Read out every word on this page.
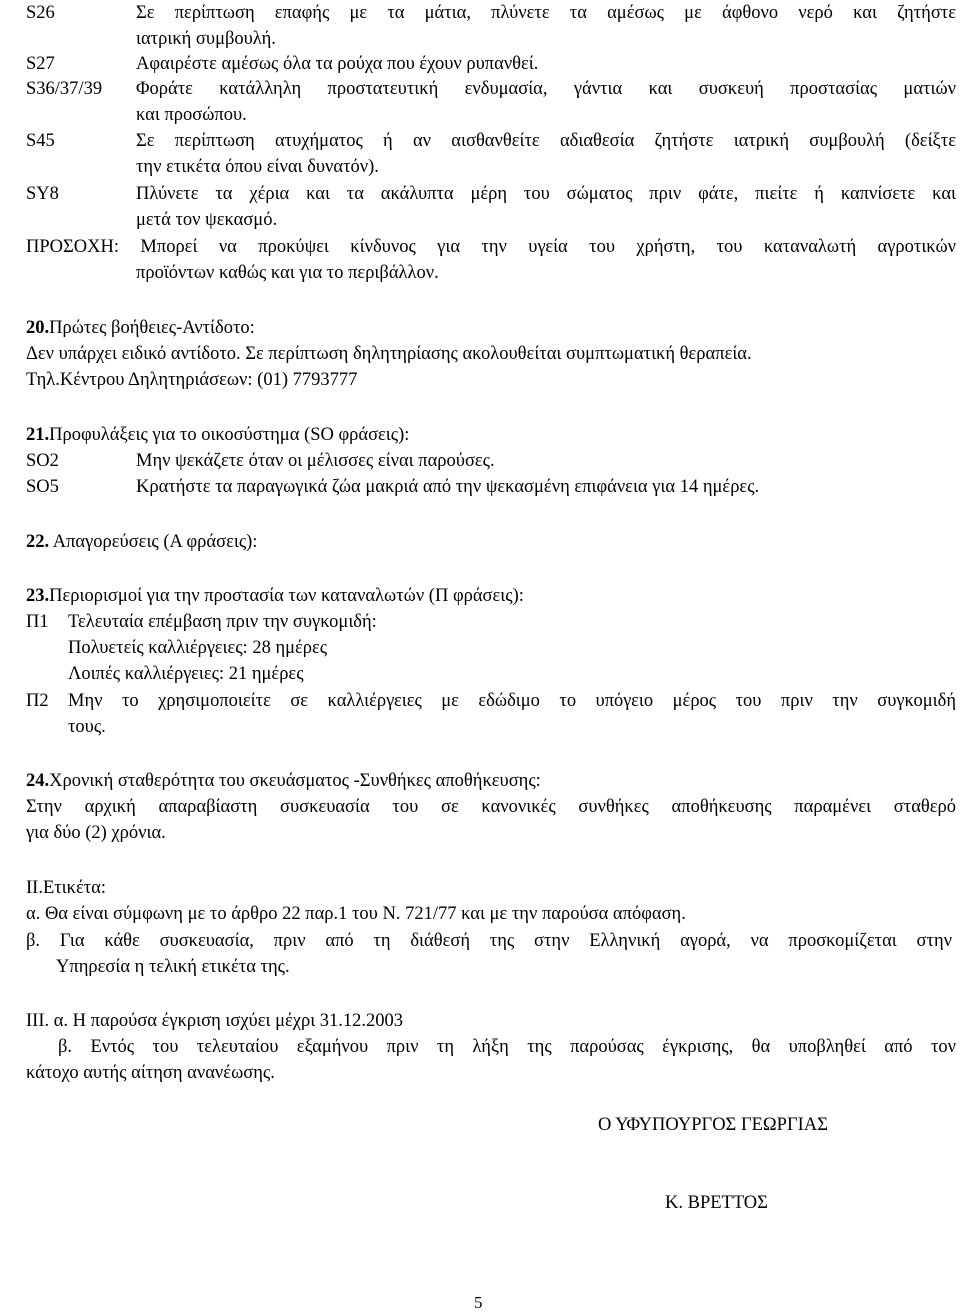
S26	Σε περίπτωση επαφής με τα μάτια, πλύνετε τα αμέσως με άφθονο νερό και ζητήστε
ιατρική συμβουλή.
S27	Αφαιρέστε αμέσως όλα τα ρούχα που έχουν ρυπανθεί.
S36/37/39	Φοράτε κατάλληλη προστατευτική ενδυμασία, γάντια και συσκευή προστασίας ματιών
και προσώπου.
S45	Σε περίπτωση ατυχήματος ή αν αισθανθείτε αδιαθεσία ζητήστε ιατρική συμβουλή (δείξτε
την ετικέτα όπου είναι δυνατόν).
SY8	Πλύνετε τα χέρια και τα ακάλυπτα μέρη του σώματος πριν φάτε, πιείτε ή καπνίσετε και
μετά τον ψεκασμό.
ΠΡΟΣΟΧΗ: Μπορεί να προκύψει κίνδυνος για την υγεία του χρήστη, του καταναλωτή αγροτικών
προϊόντων καθώς και για το περιβάλλον.
20.Πρώτες βοήθειες-Αντίδοτο:
Δεν υπάρχει ειδικό αντίδοτο. Σε περίπτωση δηλητηρίασης ακολουθείται συμπτωματική θεραπεία.
Τηλ.Κέντρου Δηλητηριάσεων: (01) 7793777
21.Προφυλάξεις για το οικοσύστημα (SO φράσεις):
SO2	Μην ψεκάζετε όταν οι μέλισσες είναι παρούσες.
SO5	Κρατήστε τα παραγωγικά ζώα μακριά από την ψεκασμένη επιφάνεια για 14 ημέρες.
22. Απαγορεύσεις (Α φράσεις):
23.Περιορισμοί για την προστασία των καταναλωτών (Π φράσεις):
Π1 Τελευταία επέμβαση πριν την συγκομιδή:
Πολυετείς καλλιέργειες: 28 ημέρες
Λοιπές καλλιέργειες: 21 ημέρες
Π2	Μην το χρησιμοποιείτε σε καλλιέργειες με εδώδιμο το υπόγειο μέρος του πριν την συγκομιδή
τους.
24.Χρονική σταθερότητα του σκευάσματος -Συνθήκες αποθήκευσης:
Στην αρχική απαραβίαστη συσκευασία του σε κανονικές συνθήκες αποθήκευσης παραμένει σταθερό
για δύο (2) χρόνια.
ΙΙ.Ετικέτα:
α. Θα είναι σύμφωνη με το άρθρο 22 παρ.1 του Ν. 721/77 και με την παρούσα απόφαση.
β. Για κάθε συσκευασία, πριν από τη διάθεσή της στην Ελληνική αγορά, να προσκομίζεται στην
Υπηρεσία η τελική ετικέτα της.
ΙΙΙ. α. Η παρούσα έγκριση ισχύει μέχρι 31.12.2003
β. Εντός του τελευταίου εξαμήνου πριν τη λήξη της παρούσας έγκρισης, θα υποβληθεί από τον
κάτοχο αυτής αίτηση ανανέωσης.
Ο ΥΦΥΠΟΥΡΓΟΣ ΓΕΩΡΓΙΑΣ
Κ. ΒΡΕΤΤΟΣ
5
